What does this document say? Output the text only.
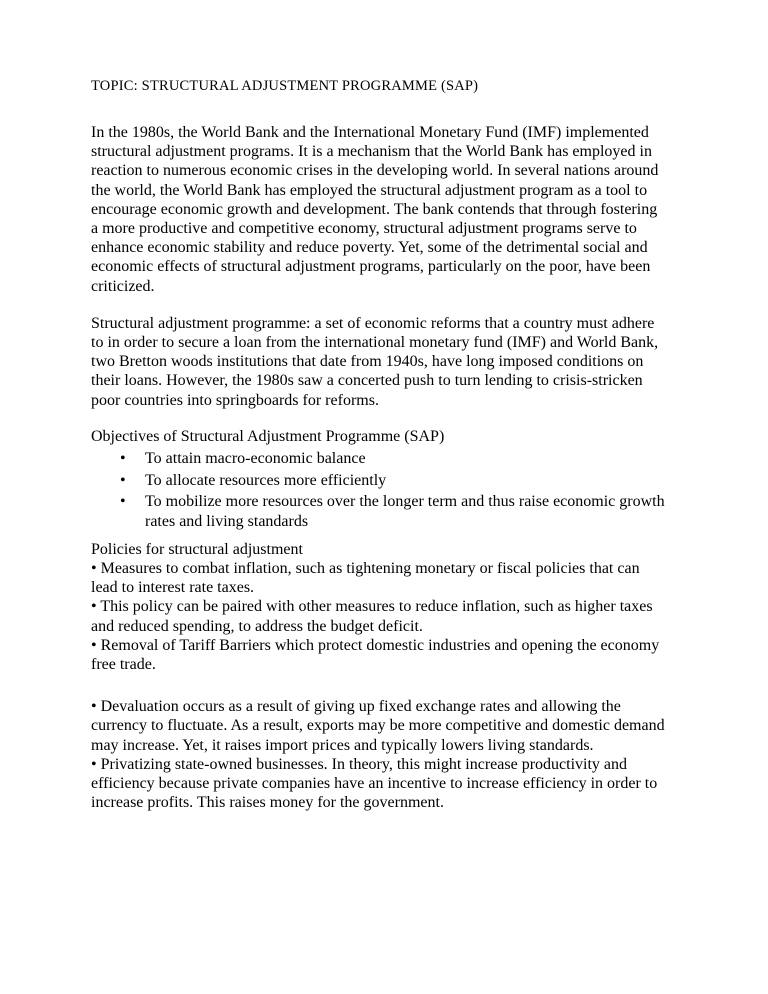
TOPIC: STRUCTURAL ADJUSTMENT PROGRAMME (SAP)

In the 1980s, the World Bank and the International Monetary Fund (IMF) implemented structural adjustment programs. It is a mechanism that the World Bank has employed in reaction to numerous economic crises in the developing world. In several nations around the world, the World Bank has employed the structural adjustment program as a tool to encourage economic growth and development. The bank contends that through fostering a more productive and competitive economy, structural adjustment programs serve to enhance economic stability and reduce poverty. Yet, some of the detrimental social and economic effects of structural adjustment programs, particularly on the poor, have been criticized.

Structural adjustment programme: a set of economic reforms that a country must adhere to in order to secure a loan from the international monetary fund (IMF) and World Bank, two Bretton woods institutions that date from 1940s, have long imposed conditions on their loans. However, the 1980s saw a concerted push to turn lending to crisis-stricken poor countries into springboards for reforms.

Objectives of Structural Adjustment Programme (SAP)
•	To attain macro-economic balance
•	To allocate resources more efficiently
•	To mobilize more resources over the longer term and thus raise economic growth rates and living standards
Policies for structural adjustment

• Measures to combat inflation, such as tightening monetary or fiscal policies that can lead to interest rate taxes.

• This policy can be paired with other measures to reduce inflation, such as higher taxes and reduced spending, to address the budget deficit.

• Removal of Tariff Barriers which protect domestic industries and opening the economy free trade.

• Devaluation occurs as a result of giving up fixed exchange rates and allowing the currency to fluctuate. As a result, exports may be more competitive and domestic demand may increase. Yet, it raises import prices and typically lowers living standards.

• Privatizing state-owned businesses. In theory, this might increase productivity and efficiency because private companies have an incentive to increase efficiency in order to increase profits. This raises money for the government.
